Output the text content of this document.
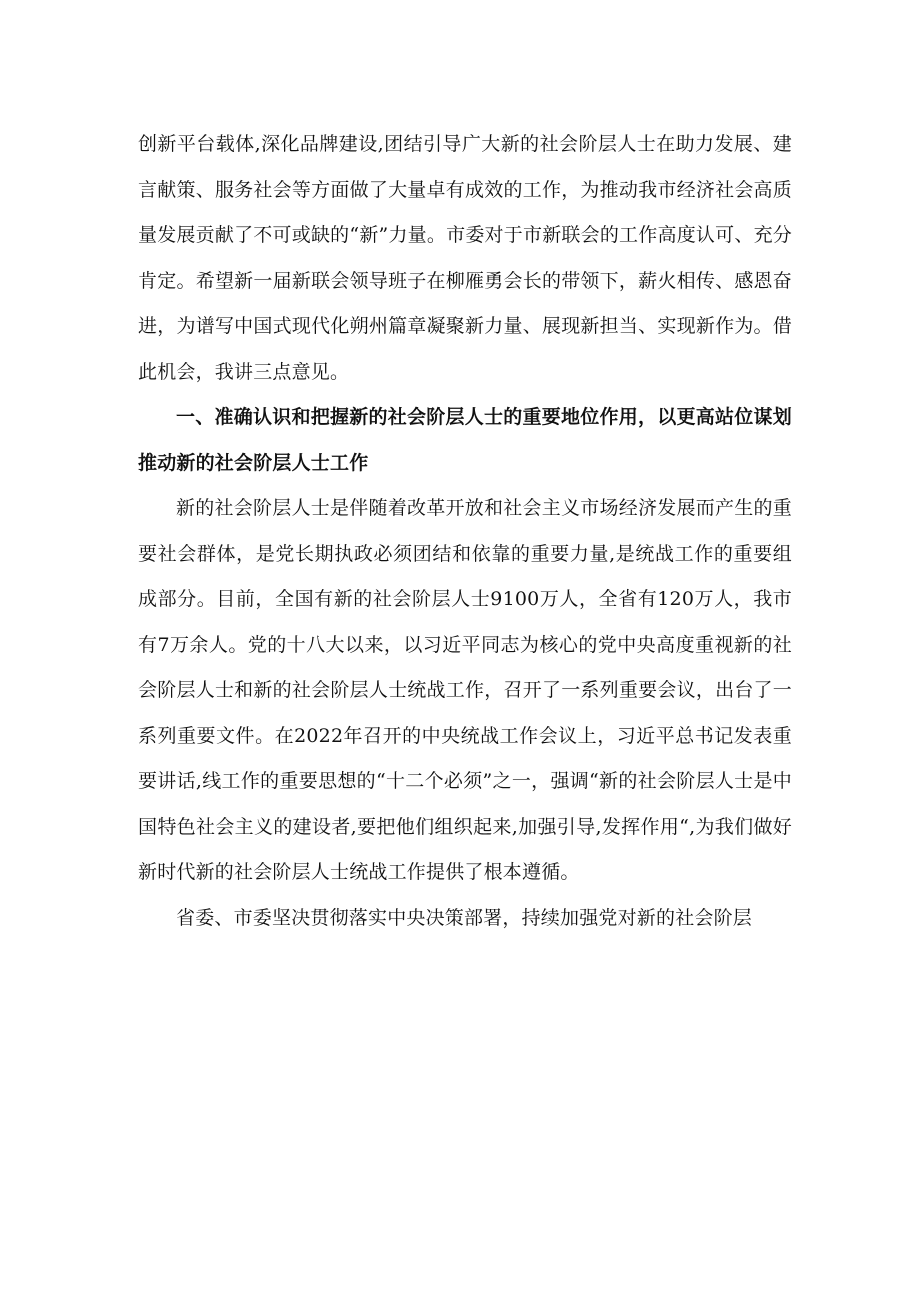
创新平台载体,深化品牌建设,团结引导广大新的社会阶层人士在助力发展、建言献策、服务社会等方面做了大量卓有成效的工作，为推动我市经济社会高质量发展贡献了不可或缺的“新”力量。市委对于市新联会的工作高度认可、充分肯定。希望新一届新联会领导班子在柳雁勇会长的带领下，薪火相传、感恩奋进，为谱写中国式现代化朔州篇章凝聚新力量、展现新担当、实现新作为。借此机会，我讲三点意见。

一、准确认识和把握新的社会阶层人士的重要地位作用，以更高站位谋划推动新的社会阶层人士工作

新的社会阶层人士是伴随着改革开放和社会主义市场经济发展而产生的重要社会群体，是党长期执政必须团结和依靠的重要力量,是统战工作的重要组成部分。目前，全国有新的社会阶层人士9100万人，全省有120万人，我市有7万余人。党的十八大以来，以习近平同志为核心的党中央高度重视新的社会阶层人士和新的社会阶层人士统战工作，召开了一系列重要会议，出台了一系列重要文件。在2022年召开的中央统战工作会议上，习近平总书记发表重要讲话,线工作的重要思想的“十二个必须”之一，强调“新的社会阶层人士是中国特色社会主义的建设者,要把他们组织起来,加强引导,发挥作用“,为我们做好新时代新的社会阶层人士统战工作提供了根本遵循。

省委、市委坚决贯彻落实中央决策部署，持续加强党对新的社会阶层
